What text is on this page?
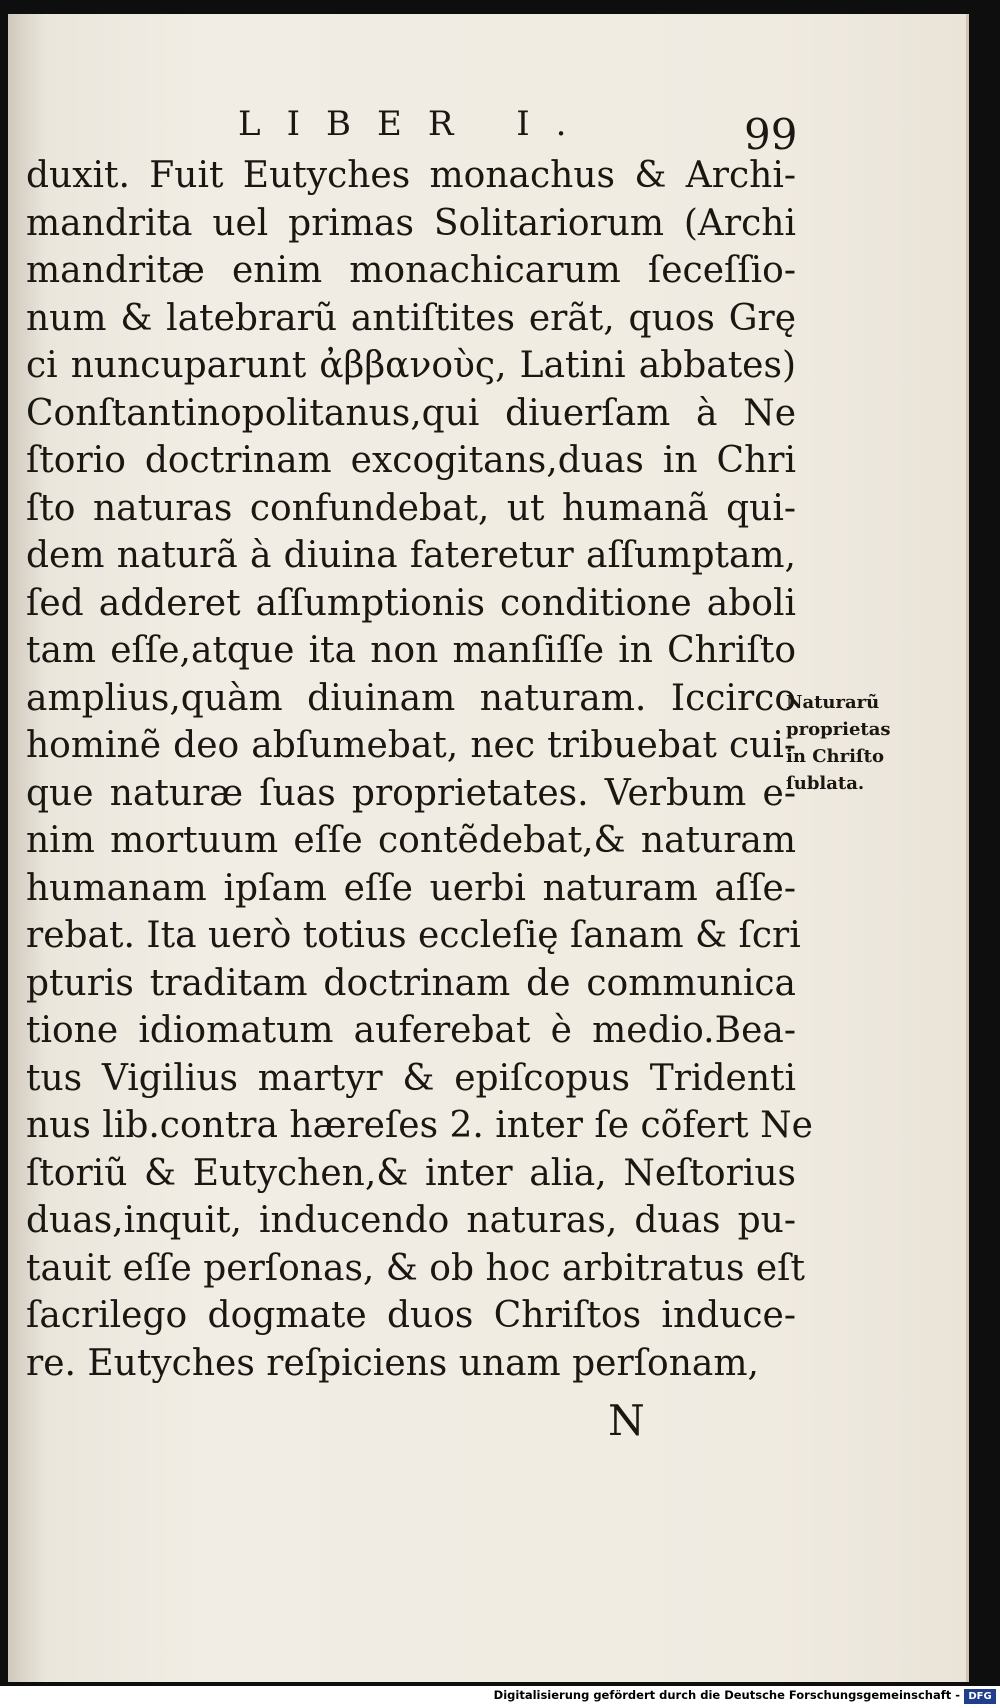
LIBER I.	99
duxit. Fuit Eutyches monachus & Archi-
mandrita uel primas Solitariorum (Archi
mandritæ enim monachicarum ſeceſſio-
num & latebrarũ antiſtites erãt, quos Grę
ci nuncuparunt ἀββανοὺς, Latini abbates)
Conſtantinopolitanus,qui diuerſam à Ne
ſtorio doctrinam excogitans,duas in Chri
ſto naturas confundebat, ut humanã qui-
dem naturã à diuina fateretur aſſumptam,
ſed adderet aſſumptionis conditione aboli
tam eſſe,atque ita non manſiſſe in Chriſto
amplius,quàm diuinam naturam. Iccirco
hominẽ deo abſumebat, nec tribuebat cui-
que naturæ ſuas proprietates. Verbum e-
nim mortuum eſſe contẽdebat,& naturam
humanam ipſam eſſe uerbi naturam aſſe-
rebat. Ita uerò totius eccleſię ſanam & ſcri
pturis traditam doctrinam de communica
tione idiomatum auferebat è medio.Bea-
tus Vigilius martyr & epiſcopus Tridenti
nus lib.contra hæreſes 2. inter ſe cõfert Ne
ſtoriũ & Eutychen,& inter alia, Neſtorius
duas,inquit, inducendo naturas, duas pu-
tauit eſſe perſonas, & ob hoc arbitratus eſt
ſacrilego dogmate duos Chriſtos induce-
re. Eutyches reſpiciens unam perſonam,
Naturarũ
proprietas
in Chriſto
ſublata.
N
Digitalisierung gefördert durch die Deutsche Forschungsgemeinschaft - DFG
